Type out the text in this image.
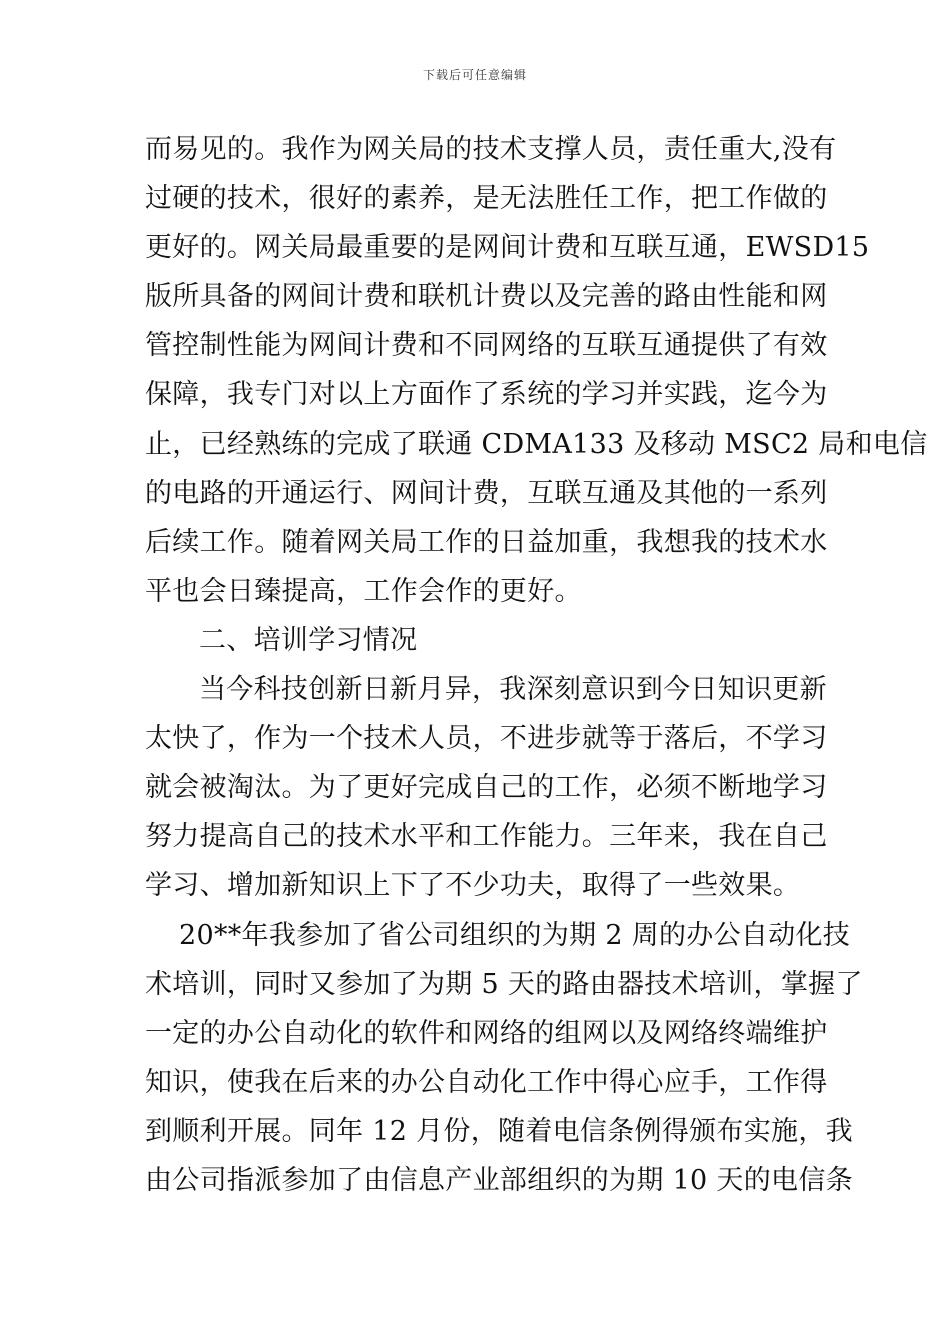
下载后可任意编辑
而易见的。我作为网关局的技术支撑人员，责任重大,没有
过硬的技术，很好的素养，是无法胜任工作，把工作做的
更好的。网关局最重要的是网间计费和互联互通，EWSD15
版所具备的网间计费和联机计费以及完善的路由性能和网
管控制性能为网间计费和不同网络的互联互通提供了有效
保障，我专门对以上方面作了系统的学习并实践，迄今为
止，已经熟练的完成了联通 CDMA133 及移动 MSC2 局和电信
的电路的开通运行、网间计费，互联互通及其他的一系列
后续工作。随着网关局工作的日益加重，我想我的技术水
平也会日臻提高，工作会作的更好。
二、培训学习情况
当今科技创新日新月异，我深刻意识到今日知识更新
太快了，作为一个技术人员，不进步就等于落后，不学习
就会被淘汰。为了更好完成自己的工作，必须不断地学习
努力提高自己的技术水平和工作能力。三年来，我在自己
学习、增加新知识上下了不少功夫，取得了一些效果。
20**年我参加了省公司组织的为期 2 周的办公自动化技
术培训，同时又参加了为期 5 天的路由器技术培训，掌握了
一定的办公自动化的软件和网络的组网以及网络终端维护
知识，使我在后来的办公自动化工作中得心应手，工作得
到顺利开展。同年 12 月份，随着电信条例得颁布实施，我
由公司指派参加了由信息产业部组织的为期 10 天的电信条
